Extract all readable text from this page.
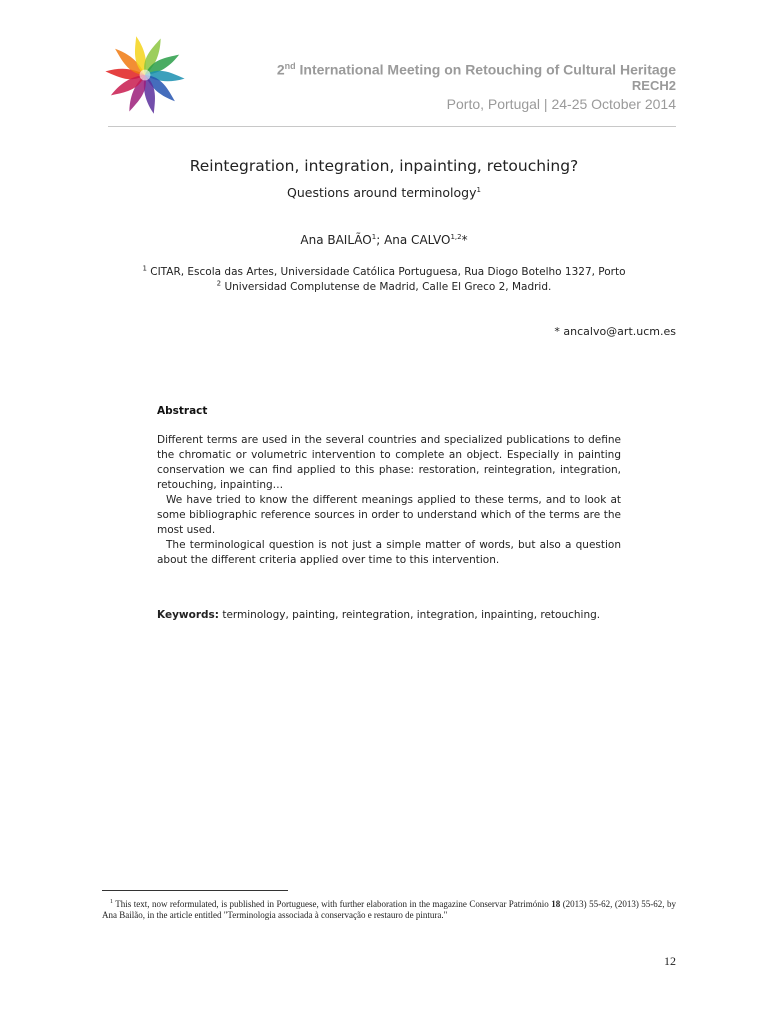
2nd International Meeting on Retouching of Cultural Heritage
RECH2
Porto, Portugal | 24-25 October 2014
Reintegration, integration, inpainting, retouching?
Questions around terminology$^1$
Ana BAILÃO$^1$; Ana CALVO$^{1,2}$*
$^1$ CITAR, Escola das Artes, Universidade Católica Portuguesa, Rua Diogo Botelho 1327, Porto
$^2$ Universidad Complutense de Madrid, Calle El Greco 2, Madrid.
* ancalvo@art.ucm.es
Abstract

Different terms are used in the several countries and specialized publications to define the chromatic or volumetric intervention to complete an object. Especially in painting conservation we can find applied to this phase: restoration, reintegration, integration, retouching, inpainting…

We have tried to know the different meanings applied to these terms, and to look at some bibliographic reference sources in order to understand which of the terms are the most used.

The terminological question is not just a simple matter of words, but also a question about the different criteria applied over time to this intervention.

Keywords: terminology, painting, reintegration, integration, inpainting, retouching.
$^1$ This text, now reformulated, is published in Portuguese, with further elaboration in the magazine Conservar Património 18 (2013) 55-62, (2013) 55-62, by Ana Bailão, in the article entitled "Terminologia associada à conservação e restauro de pintura."
12
